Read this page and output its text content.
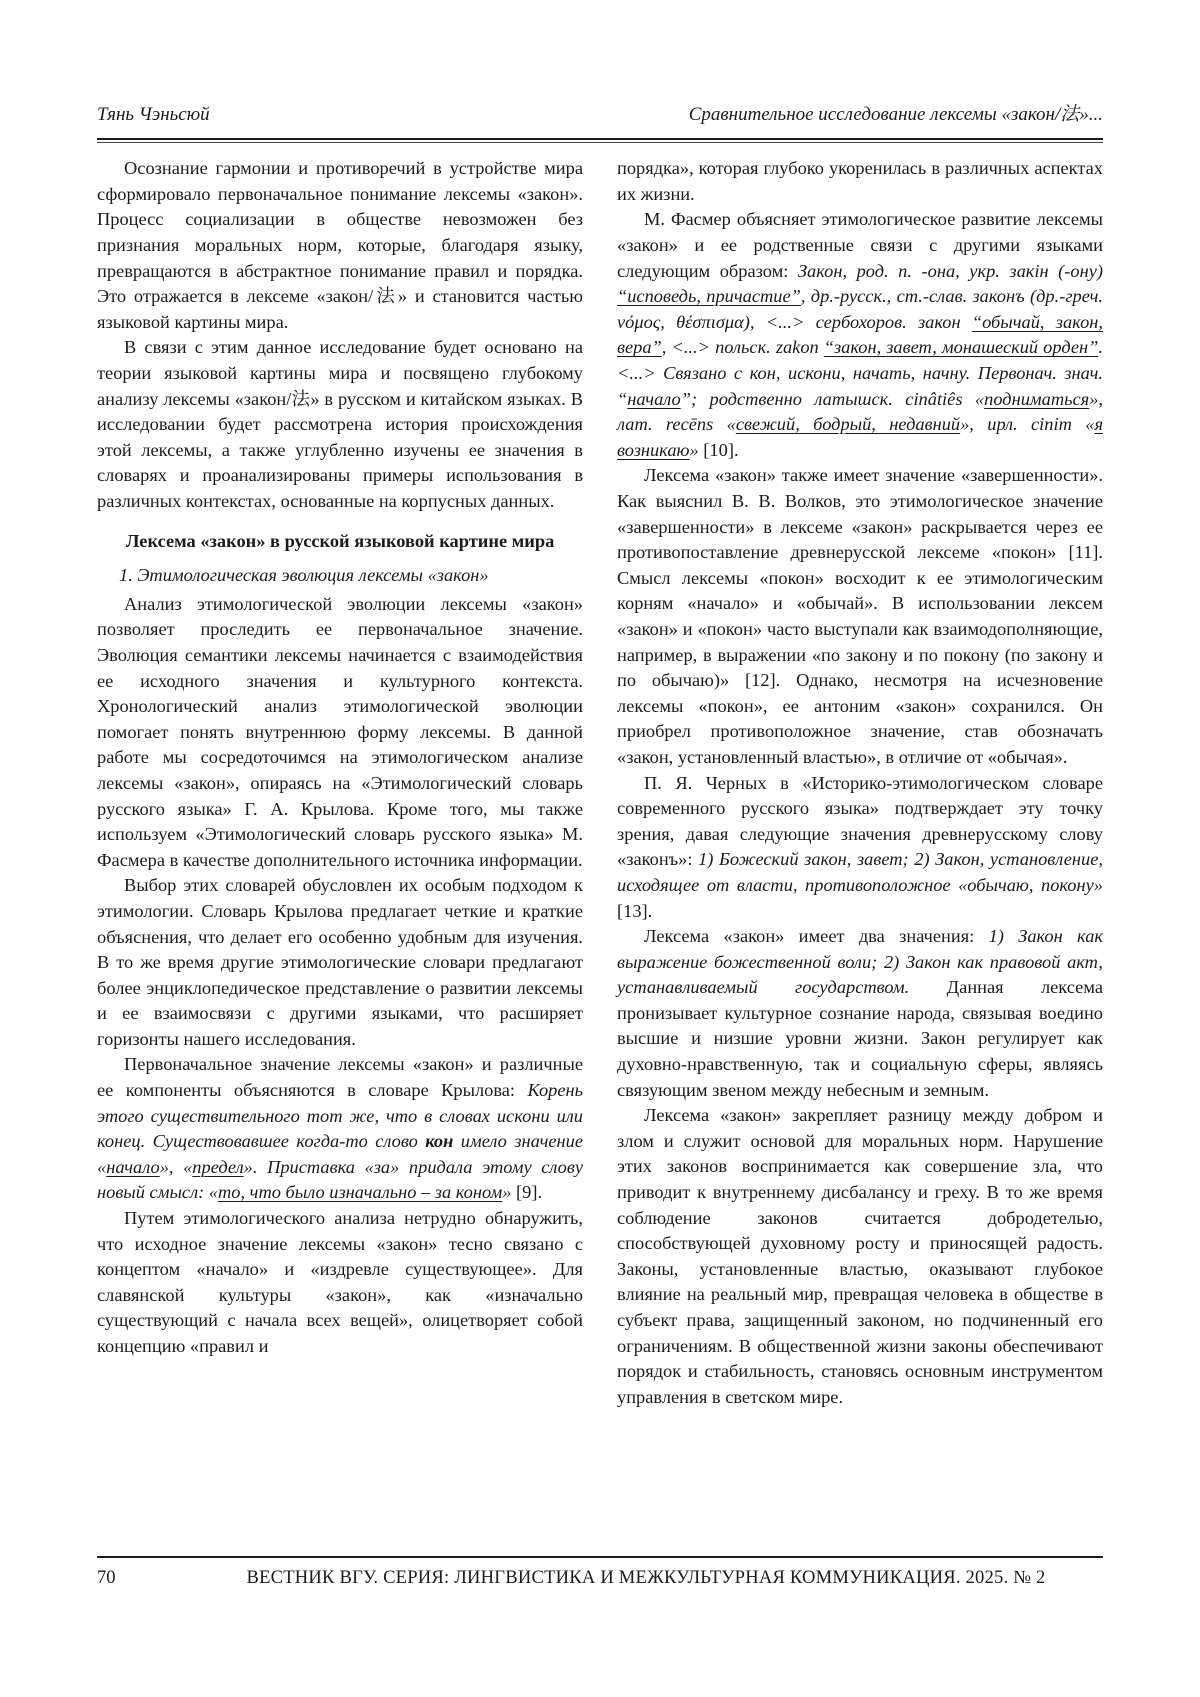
Тянь Чэньсюй	Сравнительное исследование лексемы «закон/法»...
Осознание гармонии и противоречий в устройстве мира сформировало первоначальное понимание лексемы «закон». Процесс социализации в обществе невозможен без признания моральных норм, которые, благодаря языку, превращаются в абстрактное понимание правил и порядка. Это отражается в лексеме «закон/法» и становится частью языковой картины мира.
В связи с этим данное исследование будет основано на теории языковой картины мира и посвящено глубокому анализу лексемы «закон/法» в русском и китайском языках. В исследовании будет рассмотрена история происхождения этой лексемы, а также углубленно изучены ее значения в словарях и проанализированы примеры использования в различных контекстах, основанные на корпусных данных.
Лексема «закон» в русской языковой картине мира
1. Этимологическая эволюция лексемы «закон»
Анализ этимологической эволюции лексемы «закон» позволяет проследить ее первоначальное значение. Эволюция семантики лексемы начинается с взаимодействия ее исходного значения и культурного контекста. Хронологический анализ этимологической эволюции помогает понять внутреннюю форму лексемы. В данной работе мы сосредоточимся на этимологическом анализе лексемы «закон», опираясь на «Этимологический словарь русского языка» Г. А. Крылова. Кроме того, мы также используем «Этимологический словарь русского языка» М. Фасмера в качестве дополнительного источника информации.
Выбор этих словарей обусловлен их особым подходом к этимологии. Словарь Крылова предлагает четкие и краткие объяснения, что делает его особенно удобным для изучения. В то же время другие этимологические словари предлагают более энциклопедическое представление о развитии лексемы и ее взаимосвязи с другими языками, что расширяет горизонты нашего исследования.
Первоначальное значение лексемы «закон» и различные ее компоненты объясняются в словаре Крылова: Корень этого существительного тот же, что в словах искони или конец. Существовавшее когда-то слово кон имело значение «начало», «предел». Приставка «за» придала этому слову новый смысл: «то, что было изначально – за коном» [9].
Путем этимологического анализа нетрудно обнаружить, что исходное значение лексемы «закон» тесно связано с концептом «начало» и «издревле существующее». Для славянской культуры «закон», как «изначально существующий с начала всех вещей», олицетворяет собой концепцию «правил и
порядка», которая глубоко укоренилась в различных аспектах их жизни.
М. Фасмер объясняет этимологическое развитие лексемы «закон» и ее родственные связи с другими языками следующим образом: Закон, род. п. -она, укр. закін (-ону) “исповедь, причастие”, др.-русск., ст.-слав. законъ (др.-греч. νόμος, θέσπισμα), <...> сербохоров. закон “обычай, закон, вера”, <...> польск. zakon “закон, завет, монашеский орден”. <...> Связано с кон, искони, начать, начну. Первонач. знач. “начало”; родственно латышск. cinâtiês «подниматься», лат. recēns «свежий, бодрый, недавний», ирл. cinim «я возникаю» [10].
Лексема «закон» также имеет значение «завершенности». Как выяснил В. В. Волков, это этимологическое значение «завершенности» в лексеме «закон» раскрывается через ее противопоставление древнерусской лексеме «покон» [11]. Смысл лексемы «покон» восходит к ее этимологическим корням «начало» и «обычай». В использовании лексем «закон» и «покон» часто выступали как взаимодополняющие, например, в выражении «по закону и по покону (по закону и по обычаю)» [12]. Однако, несмотря на исчезновение лексемы «покон», ее антоним «закон» сохранился. Он приобрел противоположное значение, став обозначать «закон, установленный властью», в отличие от «обычая».
П. Я. Черных в «Историко-этимологическом словаре современного русского языка» подтверждает эту точку зрения, давая следующие значения древнерусскому слову «законъ»: 1) Божеский закон, завет; 2) Закон, установление, исходящее от власти, противоположное «обычаю, покону» [13].
Лексема «закон» имеет два значения: 1) Закон как выражение божественной воли; 2) Закон как правовой акт, устанавливаемый государством. Данная лексема пронизывает культурное сознание народа, связывая воедино высшие и низшие уровни жизни. Закон регулирует как духовно-нравственную, так и социальную сферы, являясь связующим звеном между небесным и земным.
Лексема «закон» закрепляет разницу между добром и злом и служит основой для моральных норм. Нарушение этих законов воспринимается как совершение зла, что приводит к внутреннему дисбалансу и греху. В то же время соблюдение законов считается добродетелью, способствующей духовному росту и приносящей радость. Законы, установленные властью, оказывают глубокое влияние на реальный мир, превращая человека в обществе в субъект права, защищенный законом, но подчиненный его ограничениям. В общественной жизни законы обеспечивают порядок и стабильность, становясь основным инструментом управления в светском мире.
70	ВЕСТНИК ВГУ. СЕРИЯ: ЛИНГВИСТИКА И МЕЖКУЛЬТУРНАЯ КОММУНИКАЦИЯ. 2025. № 2
